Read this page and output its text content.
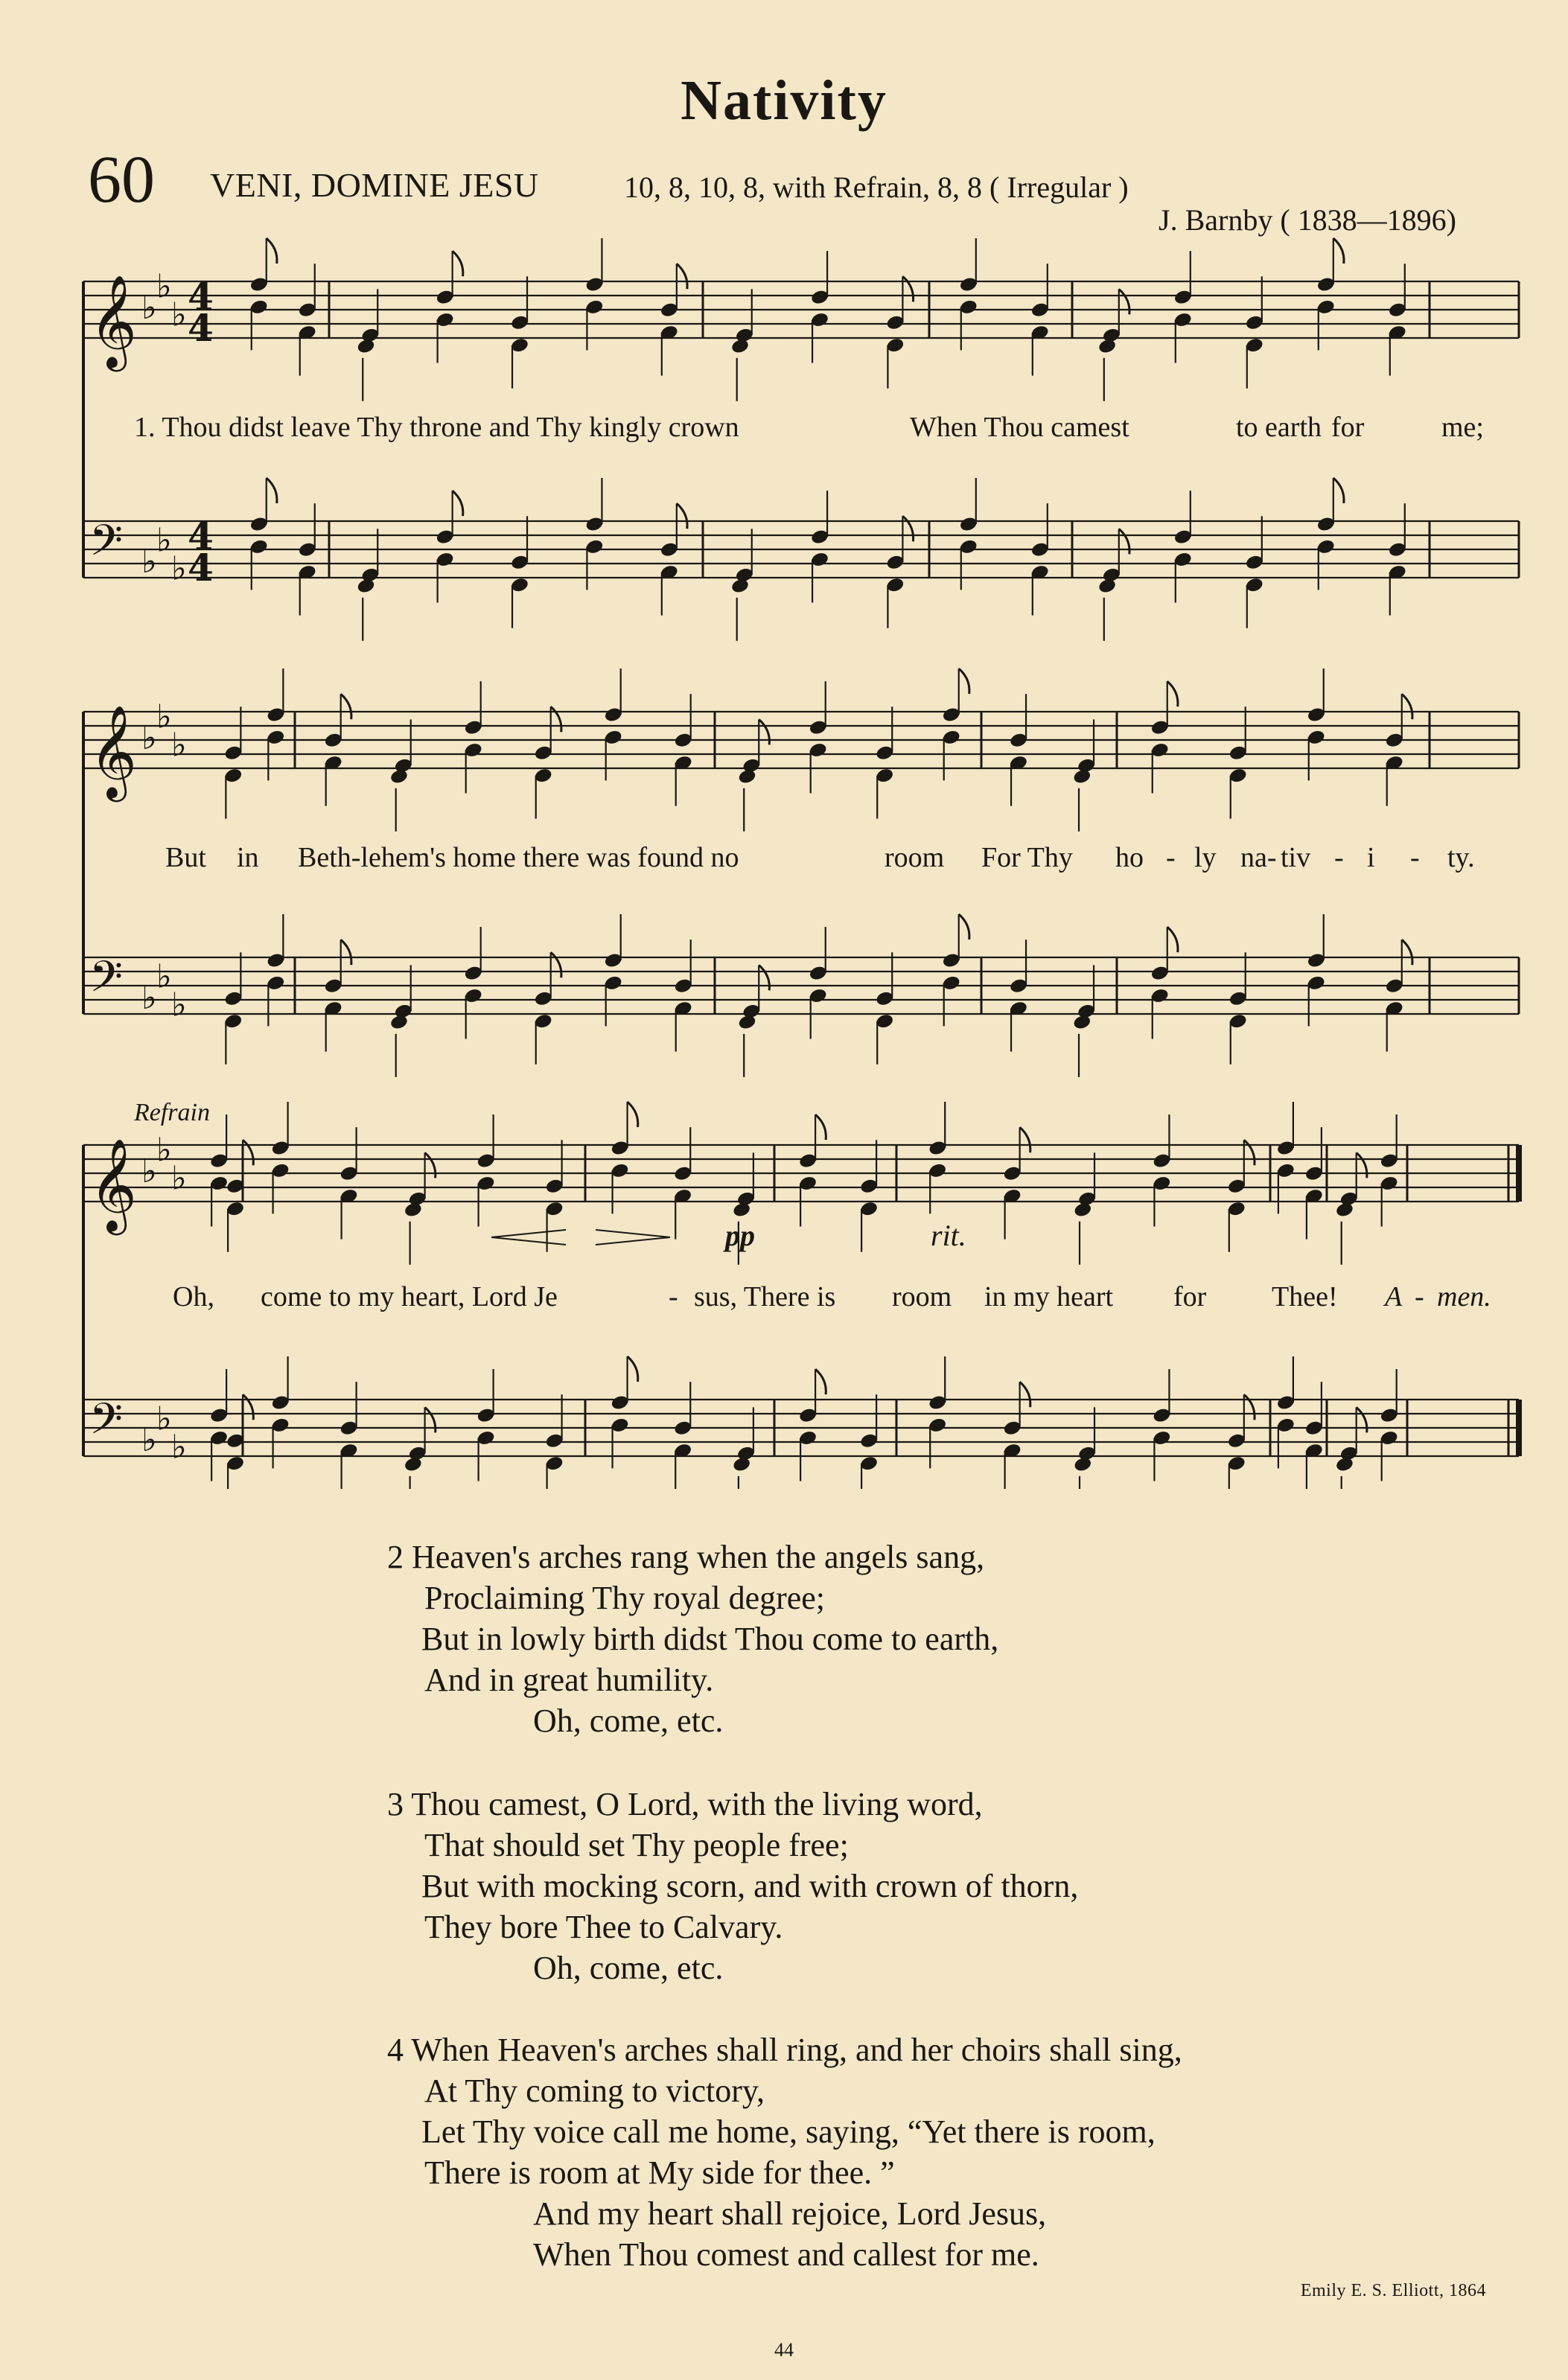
Nativity
60 VENI, DOMINE JESU	10, 8, 10, 8, with Refrain, 8, 8 ( Irregular )
J. Barnby ( 1838—1896)
𝄞 ♭
♭
♭ 4
4
𝄢 ♭
♭
♭
4
4
𝄞 ♭
♭
♭
𝄢 ♭
♭
♭
𝄞 ♭
♭
♭
𝄢 ♭
♭
♭
1. Thou didst leave Thy throne and Thy kingly crown	When Thou camest	to earth for	me;
But in Beth-lehem's home there was found no	room For Thy ho - ly na- tiv - i - ty.
Refrain
pp	rit.
Oh, come to my heart, Lord Je	- sus, There is room in my heart for Thee! A - men.
2 Heaven's arches rang when the angels sang,
Proclaiming Thy royal degree;
But in lowly birth didst Thou come to earth,
And in great humility.
Oh, come, etc.
3 Thou camest, O Lord, with the living word,
That should set Thy people free;
But with mocking scorn, and with crown of thorn,
They bore Thee to Calvary.
Oh, come, etc.
4 When Heaven's arches shall ring, and her choirs shall sing,
At Thy coming to victory,
Let Thy voice call me home, saying, “Yet there is room,
There is room at My side for thee. ”
And my heart shall rejoice, Lord Jesus,
When Thou comest and callest for me.
Emily E. S. Elliott, 1864
44
